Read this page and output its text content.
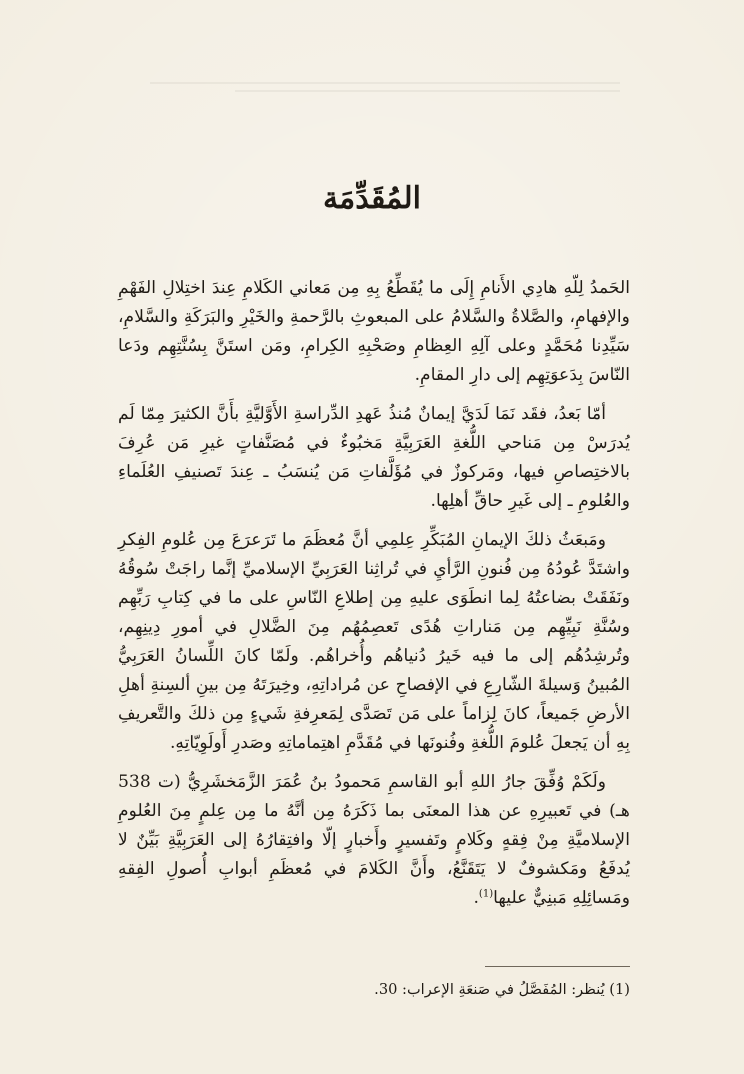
المُقَدِّمَة

الحَمدُ لِلّهِ هادِي الأَنامِ إِلَى ما يُقَطِّعُ بِهِ مِن مَعاني الكَلامِ عِندَ اختِلالِ الفَهْمِ والإفهامِ، والصَّلاةُ والسَّلامُ على المبعوثِ بالرَّحمةِ والخَيْرِ والبَرَكَةِ والسَّلامِ، سَيِّدِنا مُحَمَّدٍ وعلى آلِهِ العِظامِ وصَحْبِهِ الكِرامِ، ومَن استَنَّ بِسُنَّتِهِم ودَعا النّاسَ بِدَعوَتِهِم إلى دارِ المقامِ.

أمّا بَعدُ، فقَد نَمَا لَدَيَّ إيمانٌ مُنذُ عَهدِ الدِّراسةِ الأَوَّليَّةِ بأَنَّ الكثيرَ مِمّا لَم يُدرَسْ مِن مَناحي اللُّغةِ العَرَبِيَّةِ مَخبُوءٌ في مُصَنَّفاتٍ غيرِ مَن عُرِفَ بالاختِصاصِ فيها، ومَركوزٌ في مُؤَلَّفاتِ مَن يُنسَبُ ـ عِندَ تَصنيفِ العُلَماءِ والعُلومِ ـ إلى غَيرِ حاقِّ أهلِها.

ومَبعَثُ ذلكَ الإيمانِ المُبَكِّرِ عِلمِي أنَّ مُعظَمَ ما تَرَعرَعَ مِن عُلومِ الفِكرِ واشتَدَّ عُودُهُ مِن فُنونِ الرَّأيِ في تُراثِنا العَرَبِيِّ الإسلاميِّ إنَّما راجَتْ سُوقُهُ ونَفَقَتْ بضاعتُهُ لِما انطَوَى عليهِ مِن إطلاعِ النّاسِ على ما في كِتابِ رَبِّهِم وسُنَّةِ نَبِيِّهِم مِن مَناراتِ هُدًى تَعصِمُهُم مِنَ الضَّلالِ في أمورِ دِينِهِم، وتُرشِدُهُم إلى ما فيه خَيرُ دُنياهُم وأُخراهُم. ولَمّا كانَ اللِّسانُ العَرَبِيُّ المُبينُ وَسيلةَ الشّارِعِ في الإفصاحِ عن مُراداتِهِ، وخِيرَتَهُ مِن بينِ ألسِنةِ أهلِ الأرضِ جَميعاً، كانَ لِزاماً على مَن تَصَدَّى لِمَعرِفةِ شَيءٍ مِن ذلكَ والتَّعريفِ بِهِ أن يَجعلَ عُلومَ اللُّغةِ وفُنونَها في مُقَدَّمِ اهتِماماتِهِ وصَدرِ أَولَوِيّاتِهِ.

ولَكَمْ وُفِّقَ جارُ اللهِ أبو القاسمِ مَحمودُ بنُ عُمَرَ الزَّمَخشَرِيُّ (ت 538 هـ) في تَعبيرِهِ عن هذا المعنَى بما ذَكَرَهُ مِن أنَّهُ ما مِن عِلمٍ مِنَ العُلومِ الإسلاميَّةِ مِنْ فِقهٍ وكَلامٍ وتَفسيرٍ وأَخبارٍ إلّا وافتِقارُهُ إلى العَرَبِيَّةِ بَيِّنٌ لا يُدفَعُ ومَكشوفٌ لا يَتَقَنَّعُ، وأَنَّ الكَلامَ في مُعظَمِ أبوابِ أُصولِ الفِقهِ ومَسائِلِهِ مَبنِيٌّ عليها$^{(1)}$.

(1) يُنظر: المُفَصَّلُ في صَنعَةِ الإعراب: 30.
